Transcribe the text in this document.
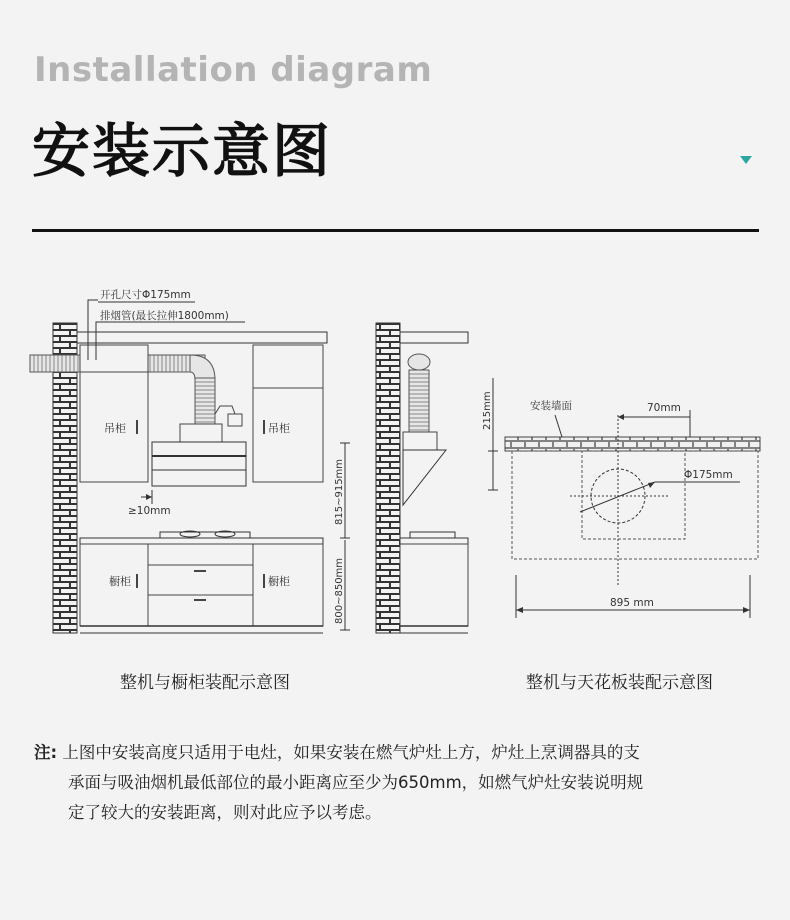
Installation diagram
安装示意图
开孔尺寸Φ175mm
排烟管(最长拉伸1800mm)
吊柜	吊柜
橱柜	橱柜
≥10mm	815~915mm
800~850mm
安装墙面	70mm
215mm
Φ175mm
895 mm
整机与橱柜装配示意图	整机与天花板装配示意图
注: 上图中安装高度只适用于电灶，如果安装在燃气炉灶上方，炉灶上烹调器具的支
承面与吸油烟机最低部位的最小距离应至少为650mm，如燃气炉灶安装说明规
定了较大的安装距离，则对此应予以考虑。
